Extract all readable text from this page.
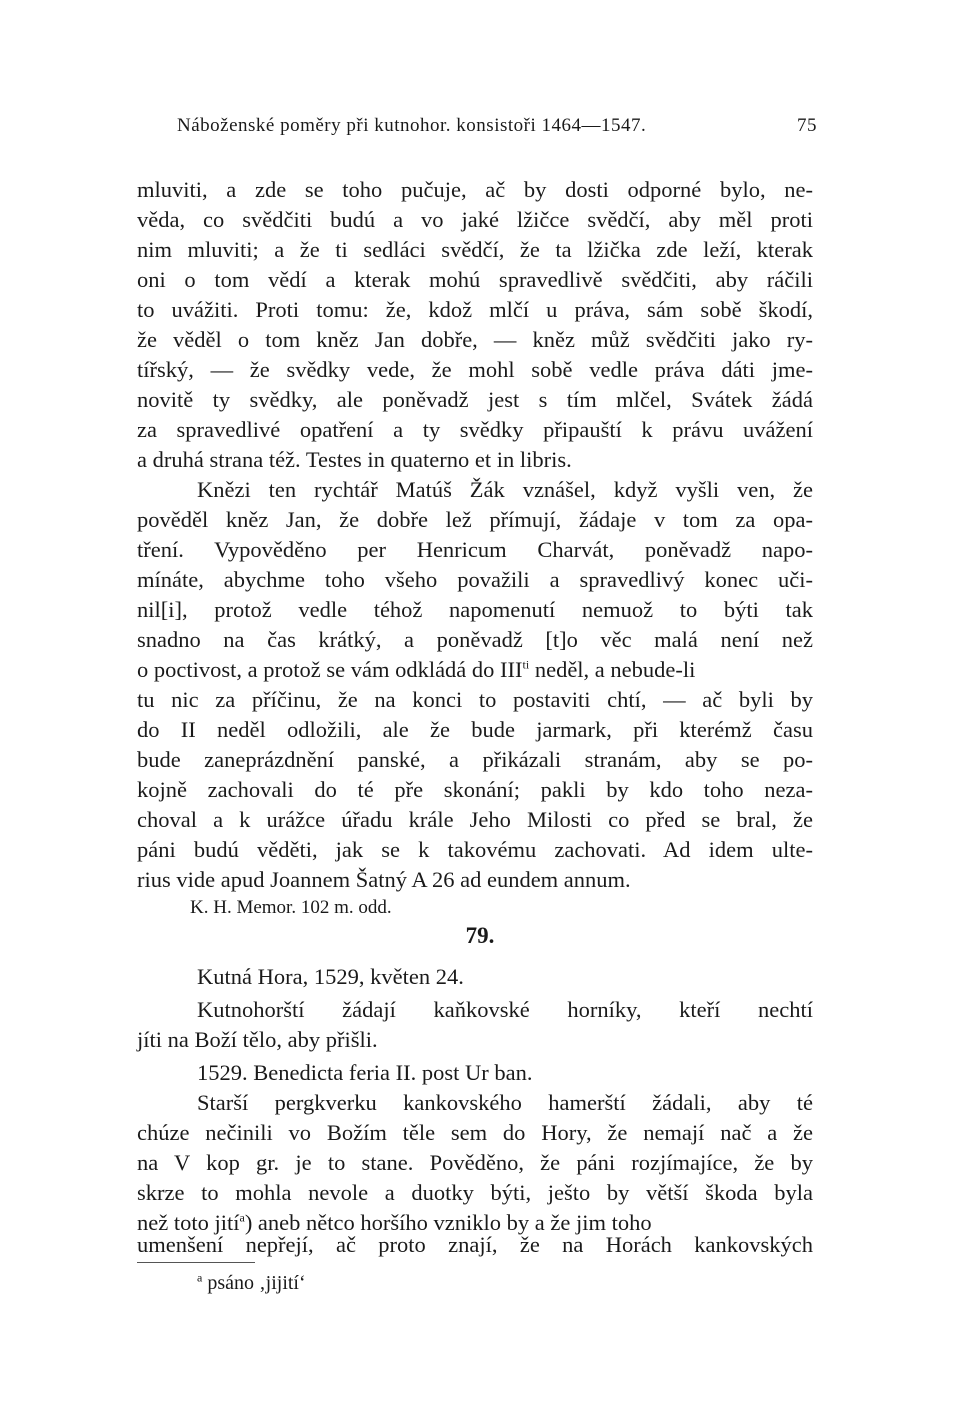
Náboženské poměry při kutnohor. konsistoři 1464—1547.	75
mluviti, a zde se toho pučuje, ač by dosti odporné bylo, ne-
věda, co svědčiti budú a vo jaké lžičce svědčí, aby měl proti
nim mluviti; a že ti sedláci svědčí, že ta lžička zde leží, kterak
oni o tom vědí a kterak mohú spravedlivě svědčiti, aby ráčili
to uvážiti. Proti tomu: že, kdož mlčí u práva, sám sobě škodí,
že věděl o tom kněz Jan dobře, — kněz můž svědčiti jako ry-
tířský, — že svědky vede, že mohl sobě vedle práva dáti jme-
novitě ty svědky, ale poněvadž jest s tím mlčel, Svátek žádá
za spravedlivé opatření a ty svědky připauští k právu uvážení
a druhá strana též. Testes in quaterno et in libris.
Knězi ten rychtář Matúš Žák vznášel, když vyšli ven, že
pověděl kněz Jan, že dobře lež přímují, žádaje v tom za opa-
tření. Vypověděno per Henricum Charvát, poněvadž napo-
mínáte, abychme toho všeho považili a spravedlivý konec uči-
nil[i], protož vedle téhož napomenutí nemuož to býti tak
snadno na čas krátký, a poněvadž [t]o věc malá není než
o poctivost, a protož se vám odkládá do $III^{ti}$ neděl, a nebude-li
tu nic za příčinu, že na konci to postaviti chtí, — ač byli by
do II neděl odložili, ale že bude jarmark, při kterémž času
bude zaneprázdnění panské, a přikázali stranám, aby se po-
kojně zachovali do té pře skonání; pakli by kdo toho neza-
choval a k urážce úřadu krále Jeho Milosti co před se bral, že
páni budú věděti, jak se k takovému zachovati. Ad idem ulte-
rius vide apud Joannem Šatný A 26 ad eundem annum.
K. H. Memor. 102 m. odd.
79.
Kutná Hora, 1529, květen 24.
Kutnohorští žádají kaňkovské horníky, kteří nechtí
jíti na Boží tělo, aby přišli.
1529. Benedicta feria II. post Ur ban.
Starší pergkverku kankovského hamerští žádali, aby té
chúze nečinili vo Božím těle sem do Hory, že nemají nač a že
na V kop gr. je to stane. Pověděno, že páni rozjímajíce, že by
skrze to mohla nevole a duotky býti, ješto by větší škoda byla
než toto jití$^a$) aneb nětco horšího vzniklo by a že jim toho
umenšení nepřejí, ač proto znají, že na Horách kankovských
$^a$ psáno ‚jijití‘
